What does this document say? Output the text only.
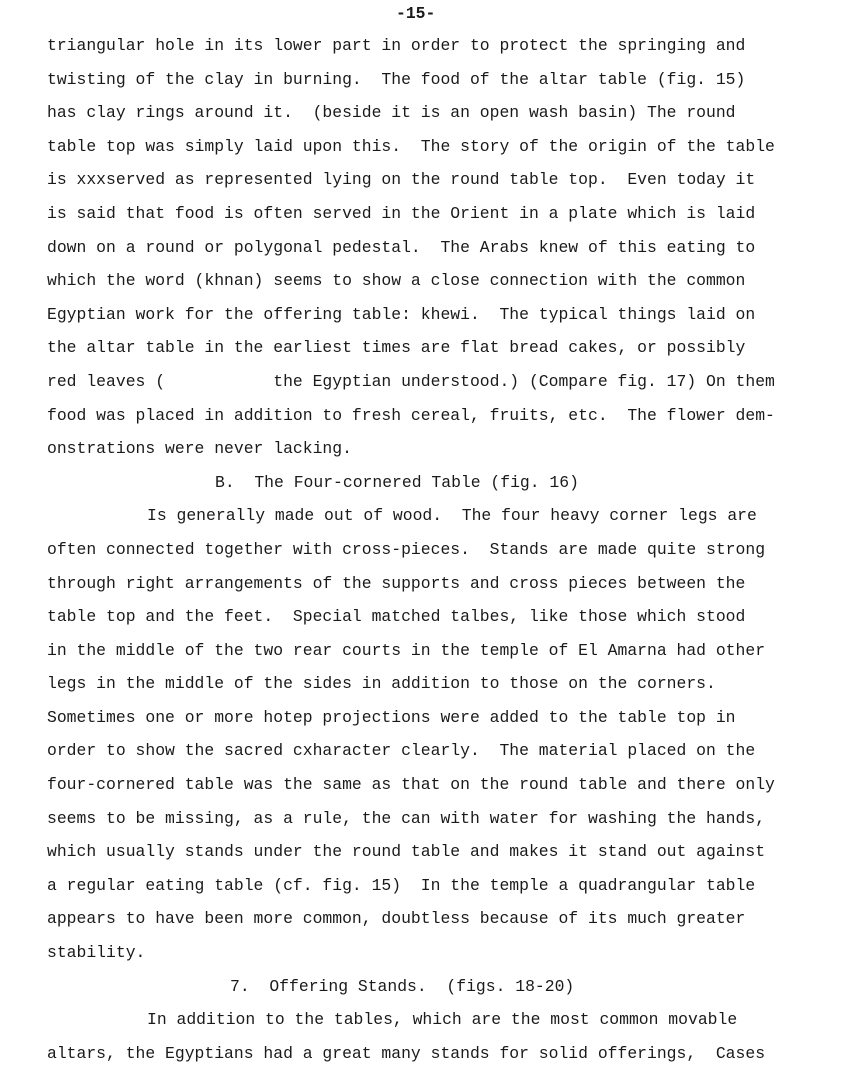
-15-
triangular hole in its lower part in order to protect the springing and
twisting of the clay in burning.  The food of the altar table (fig. 15)
has clay rings around it.  (beside it is an open wash basin) The round
table top was simply laid upon this.  The story of the origin of the table
is xxxserved as represented lying on the round table top.  Even today it
is said that food is often served in the Orient in a plate which is laid
down on a round or polygonal pedestal.  The Arabs knew of this eating to
which the word (khnan) seems to show a close connection with the common
Egyptian work for the offering table: khewi.  The typical things laid on
the altar table in the earliest times are flat bread cakes, or possibly
red leaves (           the Egyptian understood.) (Compare fig. 17) On them
food was placed in addition to fresh cereal, fruits, etc.  The flower dem-
onstrations were never lacking.
B.  The Four-cornered Table (fig. 16)
Is generally made out of wood.  The four heavy corner legs are
often connected together with cross-pieces.  Stands are made quite strong
through right arrangements of the supports and cross pieces between the
table top and the feet.  Special matched talbes, like those which stood
in the middle of the two rear courts in the temple of El Amarna had other
legs in the middle of the sides in addition to those on the corners.
Sometimes one or more hotep projections were added to the table top in
order to show the sacred cxharacter clearly.  The material placed on the
four-cornered table was the same as that on the round table and there only
seems to be missing, as a rule, the can with water for washing the hands,
which usually stands under the round table and makes it stand out against
a regular eating table (cf. fig. 15)  In the temple a quadrangular table
appears to have been more common, doubtless because of its much greater
stability.
7.  Offering Stands.  (figs. 18-20)
In addition to the tables, which are the most common movable
altars, the Egyptians had a great many stands for solid offerings,  Cases
